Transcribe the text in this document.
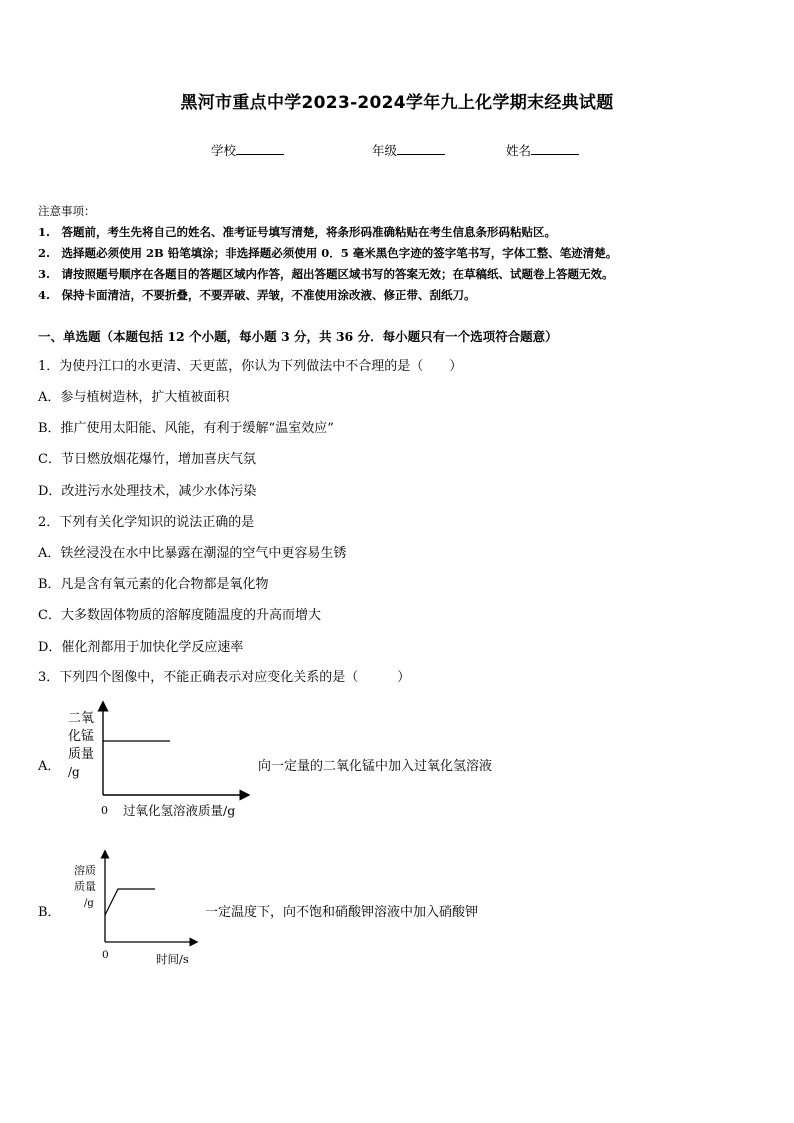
黑河市重点中学2023-2024学年九上化学期末经典试题
学校	年级	姓名
注意事项：
1.　答题前，考生先将自己的姓名、准考证号填写清楚，将条形码准确粘贴在考生信息条形码粘贴区。
2.　选择题必须使用 2B 铅笔填涂；非选择题必须使用 0．5 毫米黑色字迹的签字笔书写，字体工整、笔迹清楚。
3.　请按照题号顺序在各题目的答题区域内作答，超出答题区域书写的答案无效；在草稿纸、试题卷上答题无效。
4.　保持卡面清洁，不要折叠，不要弄破、弄皱，不准使用涂改液、修正带、刮纸刀。
一、单选题（本题包括 12 个小题，每小题 3 分，共 36 分．每小题只有一个选项符合题意）
1．为使丹江口的水更清、天更蓝，你认为下列做法中不合理的是（　　）
A．参与植树造林，扩大植被面积
B．推广使用太阳能、风能，有利于缓解“温室效应”
C．节日燃放烟花爆竹，增加喜庆气氛
D．改进污水处理技术，减少水体污染
2．下列有关化学知识的说法正确的是
A．铁丝浸没在水中比暴露在潮湿的空气中更容易生锈
B．凡是含有氧元素的化合物都是氧化物
C．大多数固体物质的溶解度随温度的升高而增大
D．催化剂都用于加快化学反应速率
3．下列四个图像中，不能正确表示对应变化关系的是（　　　）
A．
二氧
化锰
质量
/g
0 过氧化氢溶液质量/g
向一定量的二氧化锰中加入过氧化氢溶液
B．
溶质
质量
/g
0	时间/s
一定温度下，向不饱和硝酸钾溶液中加入硝酸钾
